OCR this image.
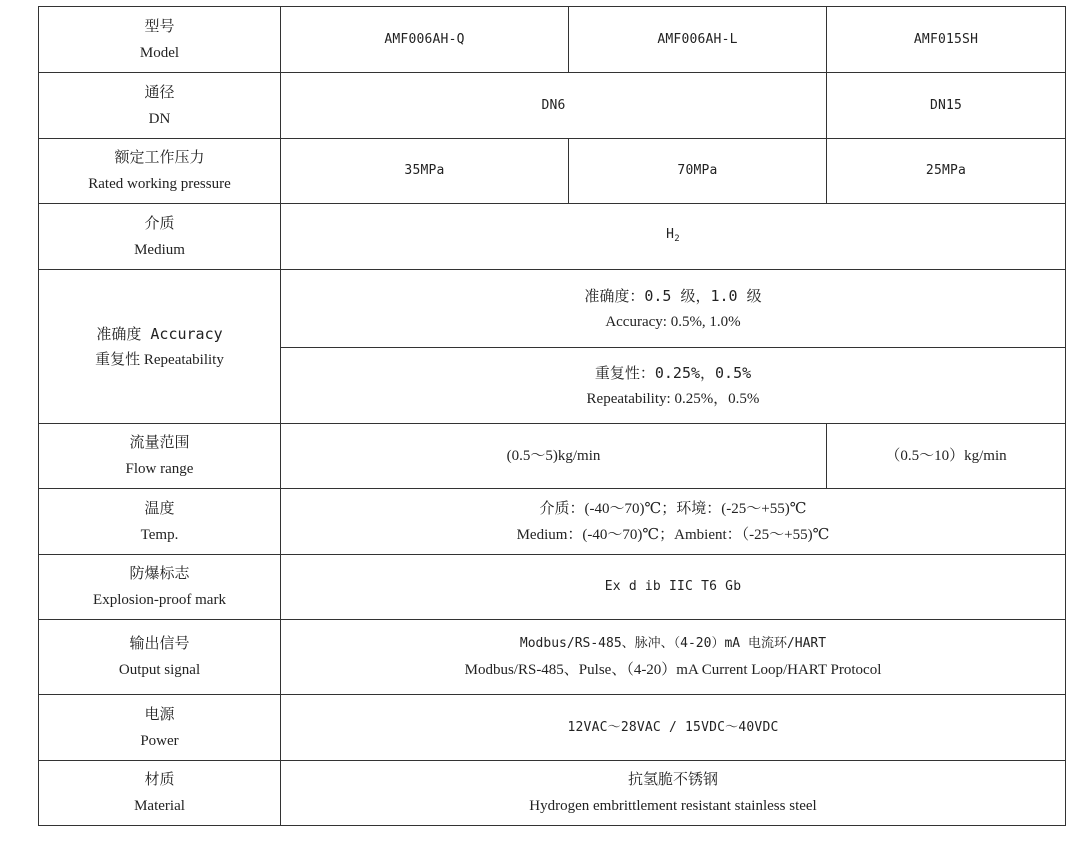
型号
Model	AMF006AH-Q	AMF006AH-L	AMF015SH

通径
DN	DN6		DN15

额定工作压力
Rated working pressure	35MPa	70MPa	25MPa

介质
Medium	$H_2$

准确度 Accuracy
重复性 Repeatability	准确度：0.5 级，1.0 级
Accuracy: 0.5%, 1.0%		

	重复性：0.25%，0.5%
Repeatability: 0.25%，0.5%		

流量范围
Flow range	(0.5～5)kg/min		（0.5～10）kg/min

温度
Temp.	介质：(-40～70)℃；环境：(-25～+55)℃
Medium：(-40～70)℃；Ambient：（-25～+55)℃		

防爆标志
Explosion-proof mark	Ex d ib IIC T6 Gb		

输出信号
Output signal	Modbus/RS-485、脉冲、（4-20）mA 电流环/HART
Modbus/RS-485、Pulse、（4-20）mA Current Loop/HART Protocol		

电源
Power	12VAC～28VAC / 15VDC～40VDC		

材质
Material	抗氢脆不锈钢
Hydrogen embrittlement resistant stainless steel		
